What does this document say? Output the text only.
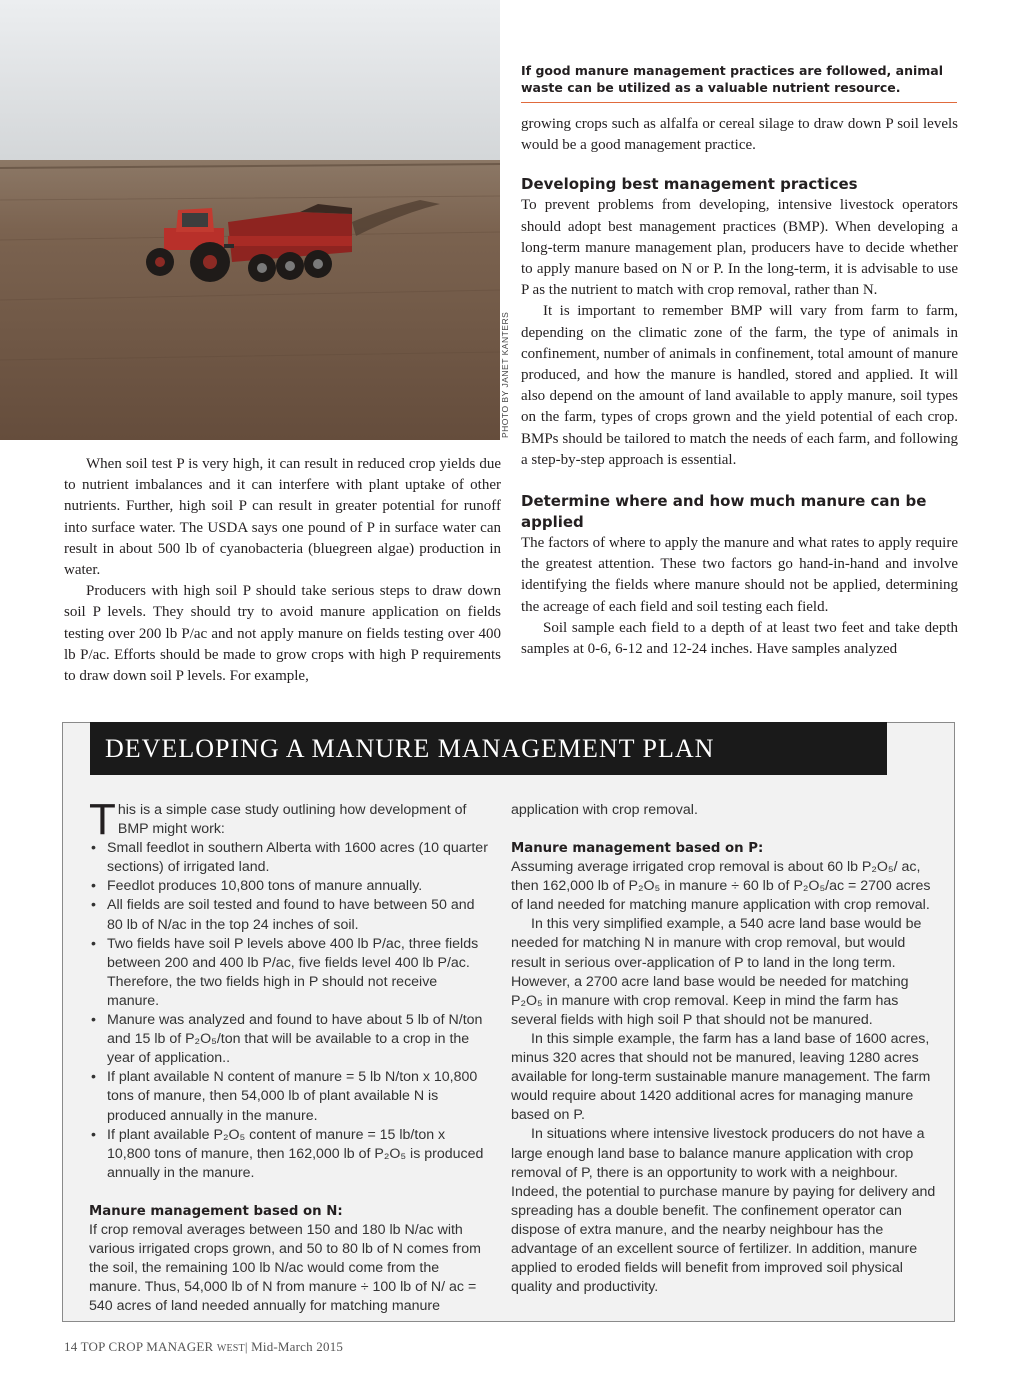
PHOTO BY JANET KANTERS
If good manure management practices are followed, animal waste can be utilized as a valuable nutrient resource.

When soil test P is very high, it can result in reduced crop yields due to nutrient imbalances and it can interfere with plant uptake of other nutrients. Further, high soil P can result in greater potential for runoff into surface water. The USDA says one pound of P in surface water can result in about 500 lb of cyanobacteria (bluegreen algae) production in water.

Producers with high soil P should take serious steps to draw down soil P levels. They should try to avoid manure application on fields testing over 200 lb P/ac and not apply manure on fields testing over 400 lb P/ac. Efforts should be made to grow crops with high P requirements to draw down soil P levels. For example,

growing crops such as alfalfa or cereal silage to draw down P soil levels would be a good management practice.

Developing best management practices

To prevent problems from developing, intensive livestock operators should adopt best management practices (BMP). When developing a long-term manure management plan, producers have to decide whether to apply manure based on N or P. In the long-term, it is advisable to use P as the nutrient to match with crop removal, rather than N.

It is important to remember BMP will vary from farm to farm, depending on the climatic zone of the farm, the type of animals in confinement, number of animals in confinement, total amount of manure produced, and how the manure is handled, stored and applied. It will also depend on the amount of land available to apply manure, soil types on the farm, types of crops grown and the yield potential of each crop. BMPs should be tailored to match the needs of each farm, and following a step-by-step approach is essential.

Determine where and how much manure can be applied

The factors of where to apply the manure and what rates to apply require the greatest attention. These two factors go hand-in-hand and involve identifying the fields where manure should not be applied, determining the acreage of each field and soil testing each field.

Soil sample each field to a depth of at least two feet and take depth samples at 0-6, 6-12 and 12-24 inches. Have samples analyzed

DEVELOPING A MANURE MANAGEMENT PLAN

This is a simple case study outlining how development of BMP might work:

• Small feedlot in southern Alberta with 1600 acres (10 quarter sections) of irrigated land.
• Feedlot produces 10,800 tons of manure annually.
• All fields are soil tested and found to have between 50 and 80 lb of N/ac in the top 24 inches of soil.
• Two fields have soil P levels above 400 lb P/ac, three fields between 200 and 400 lb P/ac, five fields level 400 lb P/ac. Therefore, the two fields high in P should not receive manure.
• Manure was analyzed and found to have about 5 lb of N/ton and 15 lb of P₂O₅/ton that will be available to a crop in the year of application..
• If plant available N content of manure = 5 lb N/ton x 10,800 tons of manure, then 54,000 lb of plant available N is produced annually in the manure.
• If plant available P₂O₅ content of manure = 15 lb/ton x 10,800 tons of manure, then 162,000 lb of P₂O₅ is produced annually in the manure.
Manure management based on N:

If crop removal averages between 150 and 180 lb N/ac with various irrigated crops grown, and 50 to 80 lb of N comes from the soil, the remaining 100 lb N/ac would come from the manure. Thus, 54,000 lb of N from manure ÷ 100 lb of N/ ac = 540 acres of land needed annually for matching manure

application with crop removal.

Manure management based on P:

Assuming average irrigated crop removal is about 60 lb P₂O₅/ ac, then 162,000 lb of P₂O₅ in manure ÷ 60 lb of P₂O₅/ac = 2700 acres of land needed for matching manure application with crop removal.

In this very simplified example, a 540 acre land base would be needed for matching N in manure with crop removal, but would result in serious over-application of P to land in the long term. However, a 2700 acre land base would be needed for matching P₂O₅ in manure with crop removal. Keep in mind the farm has several fields with high soil P that should not be manured.

In this simple example, the farm has a land base of 1600 acres, minus 320 acres that should not be manured, leaving 1280 acres available for long-term sustainable manure management. The farm would require about 1420 additional acres for managing manure based on P.

In situations where intensive livestock producers do not have a large enough land base to balance manure application with crop removal of P, there is an opportunity to work with a neighbour. Indeed, the potential to purchase manure by paying for delivery and spreading has a double benefit. The confinement operator can dispose of extra manure, and the nearby neighbour has the advantage of an excellent source of fertilizer. In addition, manure applied to eroded fields will benefit from improved soil physical quality and productivity.

14 TOP CROP MANAGER WEST| Mid-March 2015
